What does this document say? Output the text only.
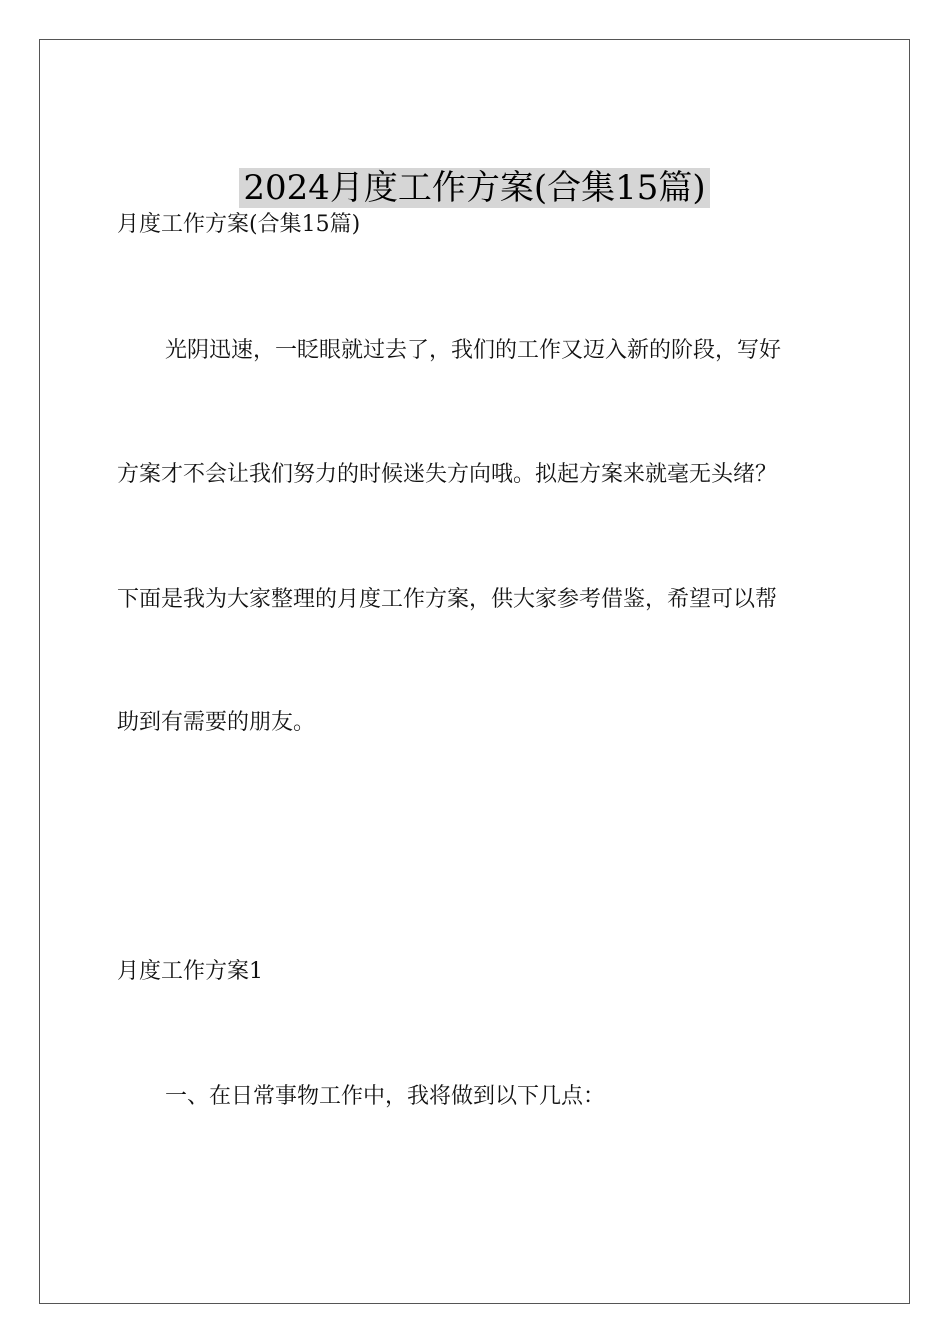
2024月度工作方案(合集15篇)
月度工作方案(合集15篇)
光阴迅速，一眨眼就过去了，我们的工作又迈入新的阶段，写好
方案才不会让我们努力的时候迷失方向哦。拟起方案来就毫无头绪？
下面是我为大家整理的月度工作方案，供大家参考借鉴，希望可以帮
助到有需要的朋友。
月度工作方案1
一、在日常事物工作中，我将做到以下几点：
